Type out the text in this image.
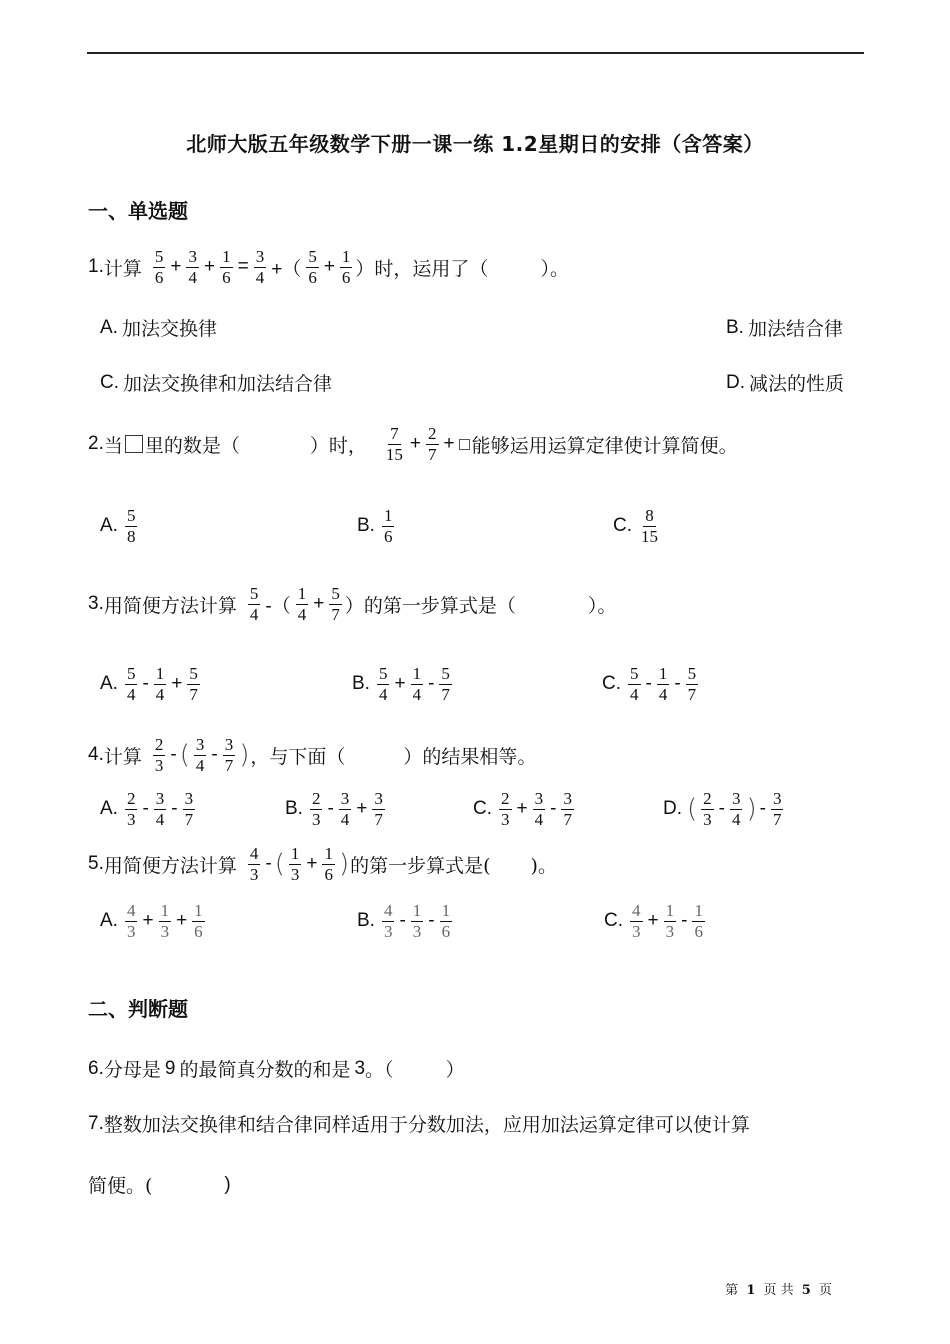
北师大版五年级数学下册一课一练 1.2星期日的安排（含答案）
一、单选题
1. 计算 $\frac{5}{6} + \frac{3}{4} + \frac{1}{6} = \frac{3}{4}$ +（ $\frac{5}{6} + \frac{1}{6}$ ）时，运用了（	）。
A. 加法交换律	B. 加法结合律
C. 加法交换律和加法结合律	D. 减法的性质
2. 当 里的数是（	）时， $\frac{7}{15} + \frac{2}{7}$ + 能够运用运算定律使计算简便。
A. $\frac{5}{8}$	B. $\frac{1}{6}$	C. $\frac{8}{15}$
3. 用简便方法计算 $\frac{5}{4}$ -（ $\frac{1}{4} + \frac{5}{7}$ ）的第一步算式是（	）。
A. $\frac{5}{4} - \frac{1}{4} + \frac{5}{7}$	B. $\frac{5}{4} + \frac{1}{4} - \frac{5}{7}$	C. $\frac{5}{4} - \frac{1}{4} - \frac{5}{7}$
4. 计算 $\frac{2}{3}$ - ( $\frac{3}{4} - \frac{3}{7}$ ) ，与下面（	）的结果相等。
A. $\frac{2}{3} - \frac{3}{4} - \frac{3}{7}$	B. $\frac{2}{3} - \frac{3}{4} + \frac{3}{7}$	C. $\frac{2}{3} + \frac{3}{4} - \frac{3}{7}$	D. ( $\frac{2}{3} - \frac{3}{4}$ ) - $\frac{3}{7}$
5. 用简便方法计算 $\frac{4}{3}$ - ( $\frac{1}{3} + \frac{1}{6}$ ) 的第一步算式是( )。
A. $\frac{4}{3} + \frac{1}{3} + \frac{1}{6}$	B. $\frac{4}{3} - \frac{1}{3} - \frac{1}{6}$	C. $\frac{4}{3} + \frac{1}{3} - \frac{1}{6}$
二、判断题
6. 分母是 9 的最简真分数的和是 3 。（	）
7. 整数加法交换律和结合律同样适用于分数加法，应用加法运算定律可以使计算
简便。(	)
第 1 页 共 5 页
